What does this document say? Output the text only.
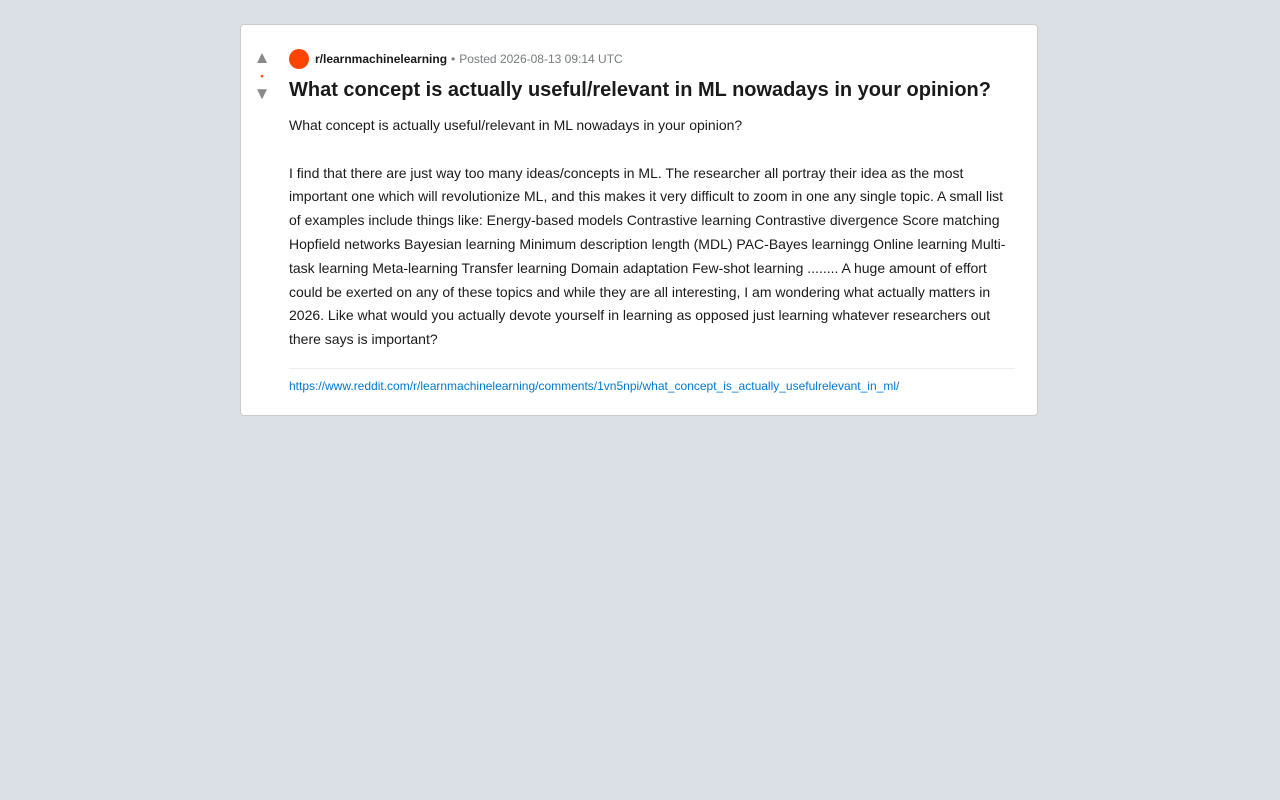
▲
•
▼
r/learnmachinelearning • Posted 2026-08-13 09:14 UTC
What concept is actually useful/relevant in ML nowadays in your opinion?

What concept is actually useful/relevant in ML nowadays in your opinion?

I find that there are just way too many ideas/concepts in ML. The researcher all portray their idea as the most important one which will revolutionize ML, and this makes it very difficult to zoom in one any single topic. A small list of examples include things like: Energy-based models Contrastive learning Contrastive divergence Score matching Hopfield networks Bayesian learning Minimum description length (MDL) PAC-Bayes learningg Online learning Multi-task learning Meta-learning Transfer learning Domain adaptation Few-shot learning ........ A huge amount of effort could be exerted on any of these topics and while they are all interesting, I am wondering what actually matters in 2026. Like what would you actually devote yourself in learning as opposed just learning whatever researchers out there says is important?

https://www.reddit.com/r/learnmachinelearning/comments/1vn5npi/what_concept_is_actually_usefulrelevant_in_ml/
